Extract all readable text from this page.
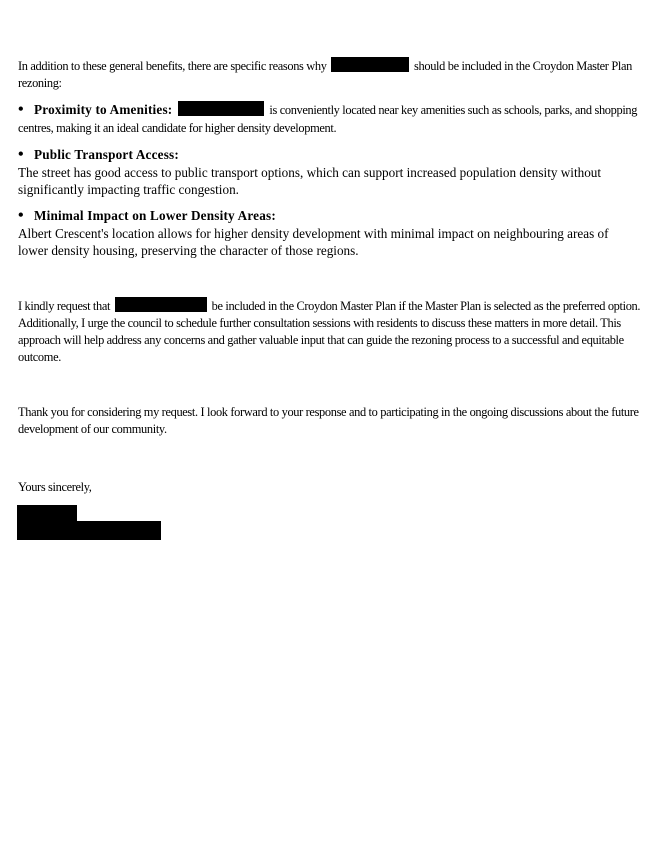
In addition to these general benefits, there are specific reasons why	should be included in the Croydon Master Plan rezoning:

• Proximity to Amenities:	is conveniently located near key amenities such as schools, parks, and shopping centres, making it an ideal candidate for higher density development.
• Public Transport Access:
The street has good access to public transport options, which can support increased population density without significantly impacting traffic congestion.
• Minimal Impact on Lower Density Areas:
Albert Crescent's location allows for higher density development with minimal impact on neighbouring areas of lower density housing, preserving the character of those regions.

I kindly request that	be included in the Croydon Master Plan if the Master Plan is selected as the preferred option. Additionally, I urge the council to schedule further consultation sessions with residents to discuss these matters in more detail. This approach will help address any concerns and gather valuable input that can guide the rezoning process to a successful and equitable outcome.

Thank you for considering my request. I look forward to your response and to participating in the ongoing discussions about the future development of our community.

Yours sincerely,
